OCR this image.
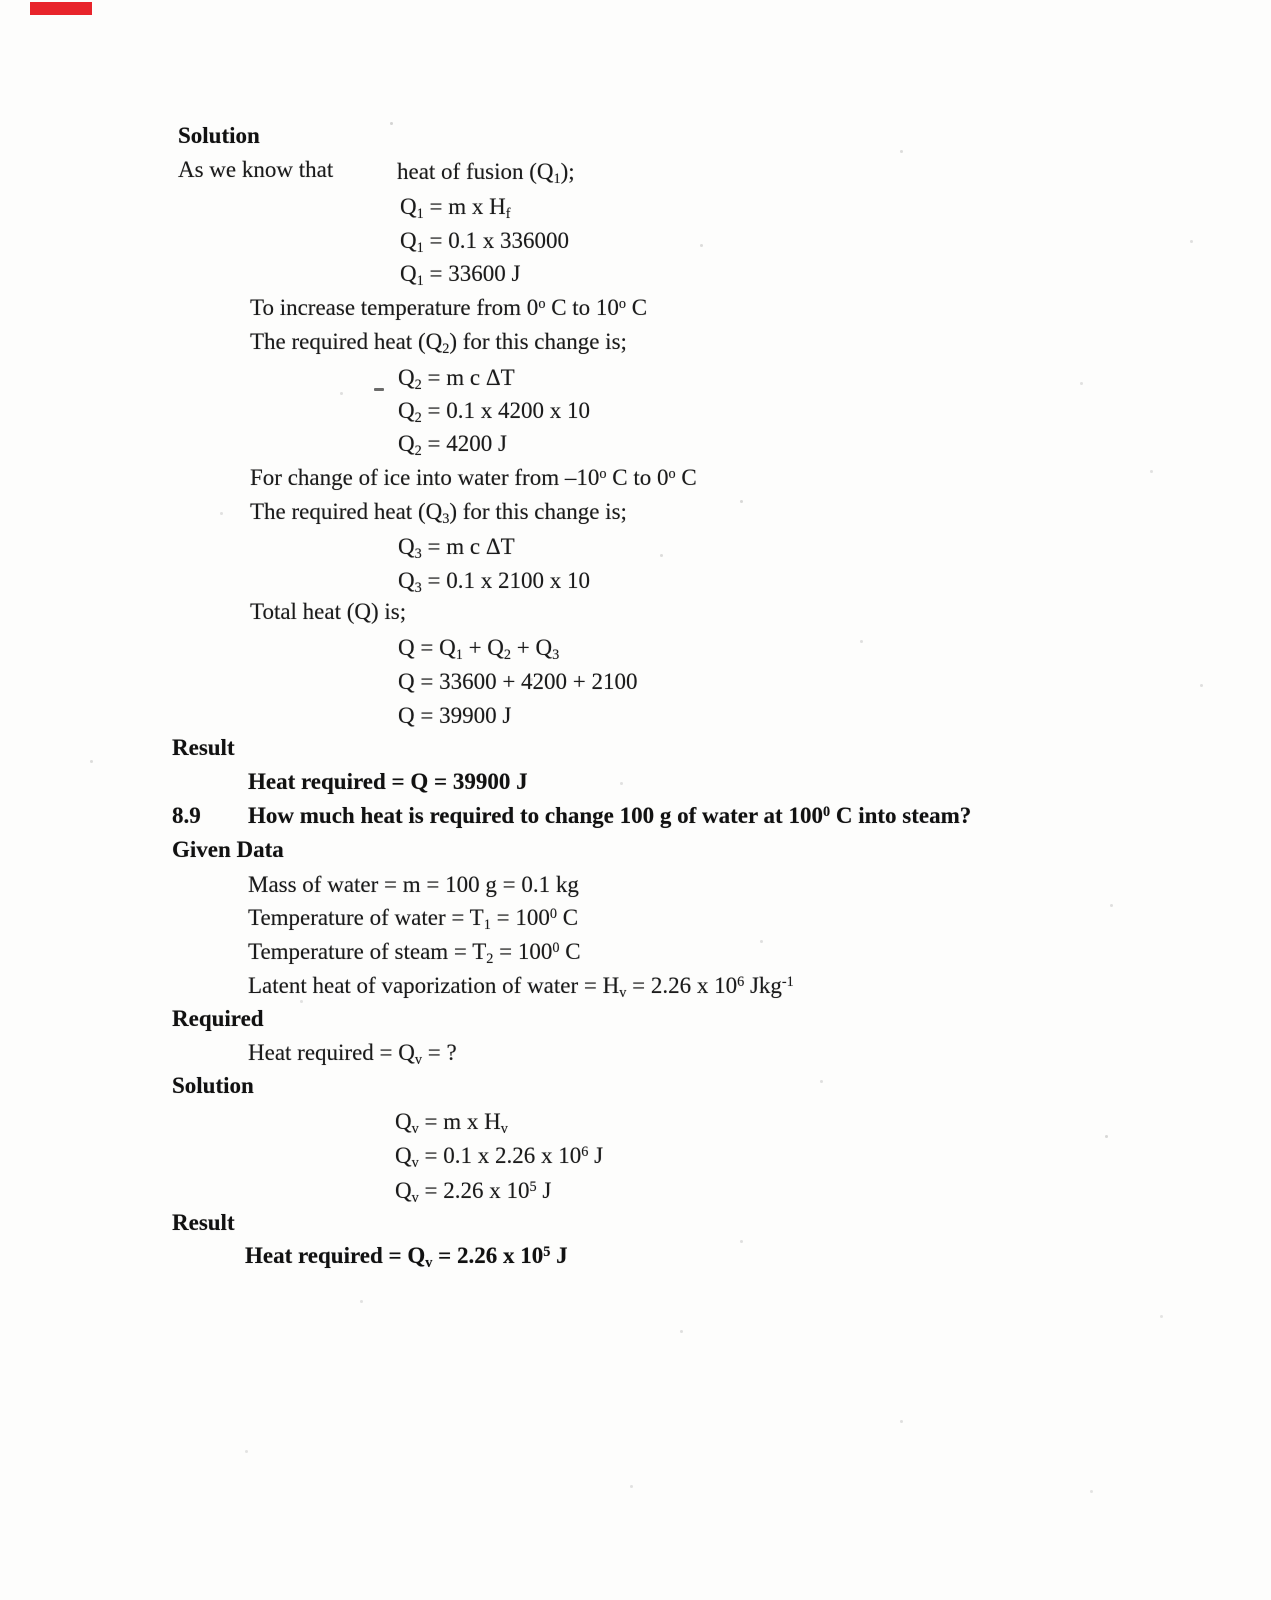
Solution
As we know that	heat of fusion $(Q_1)$;
$Q_1 = m$ x $H_f$
$Q_1 = 0.1$ x 336000
$Q_1 = 33600$ J
To increase temperature from 0$^o$ C to 10$^o$ C
The required heat $(Q_2)$ for this change is;
$Q_2 = m$ c ΔT
$Q_2 = 0.1$ x 4200 x 10
$Q_2 = 4200$ J
For change of ice into water from –10$^o$ C to 0$^o$ C
The required heat $(Q_3)$ for this change is;
$Q_3 = m$ c ΔT
$Q_3 = 0.1$ x 2100 x 10
Total heat (Q) is;
$Q = Q_1 + Q_2 + Q_3$
Q = 33600 + 4200 + 2100
Q = 39900 J
Result
Heat required = Q = 39900 J
8.9 How much heat is required to change 100 g of water at $100^0$ C into steam?
Given Data
Mass of water = m = 100 g = 0.1 kg
Temperature of water = $T_1 = 100^0$ C
Temperature of steam = $T_2 = 100^0$ C
Latent heat of vaporization of water = $H_v = 2.26$ x $10^6$ Jkg$^{-1}$
Required
Heat required = $Q_v$ = ?
Solution
$Q_v = m$ x $H_v$
$Q_v = 0.1$ x 2.26 x $10^6$ J
$Q_v = 2.26$ x $10^5$ J
Result
Heat required = $Q_v = 2.26$ x $10^5$ J
